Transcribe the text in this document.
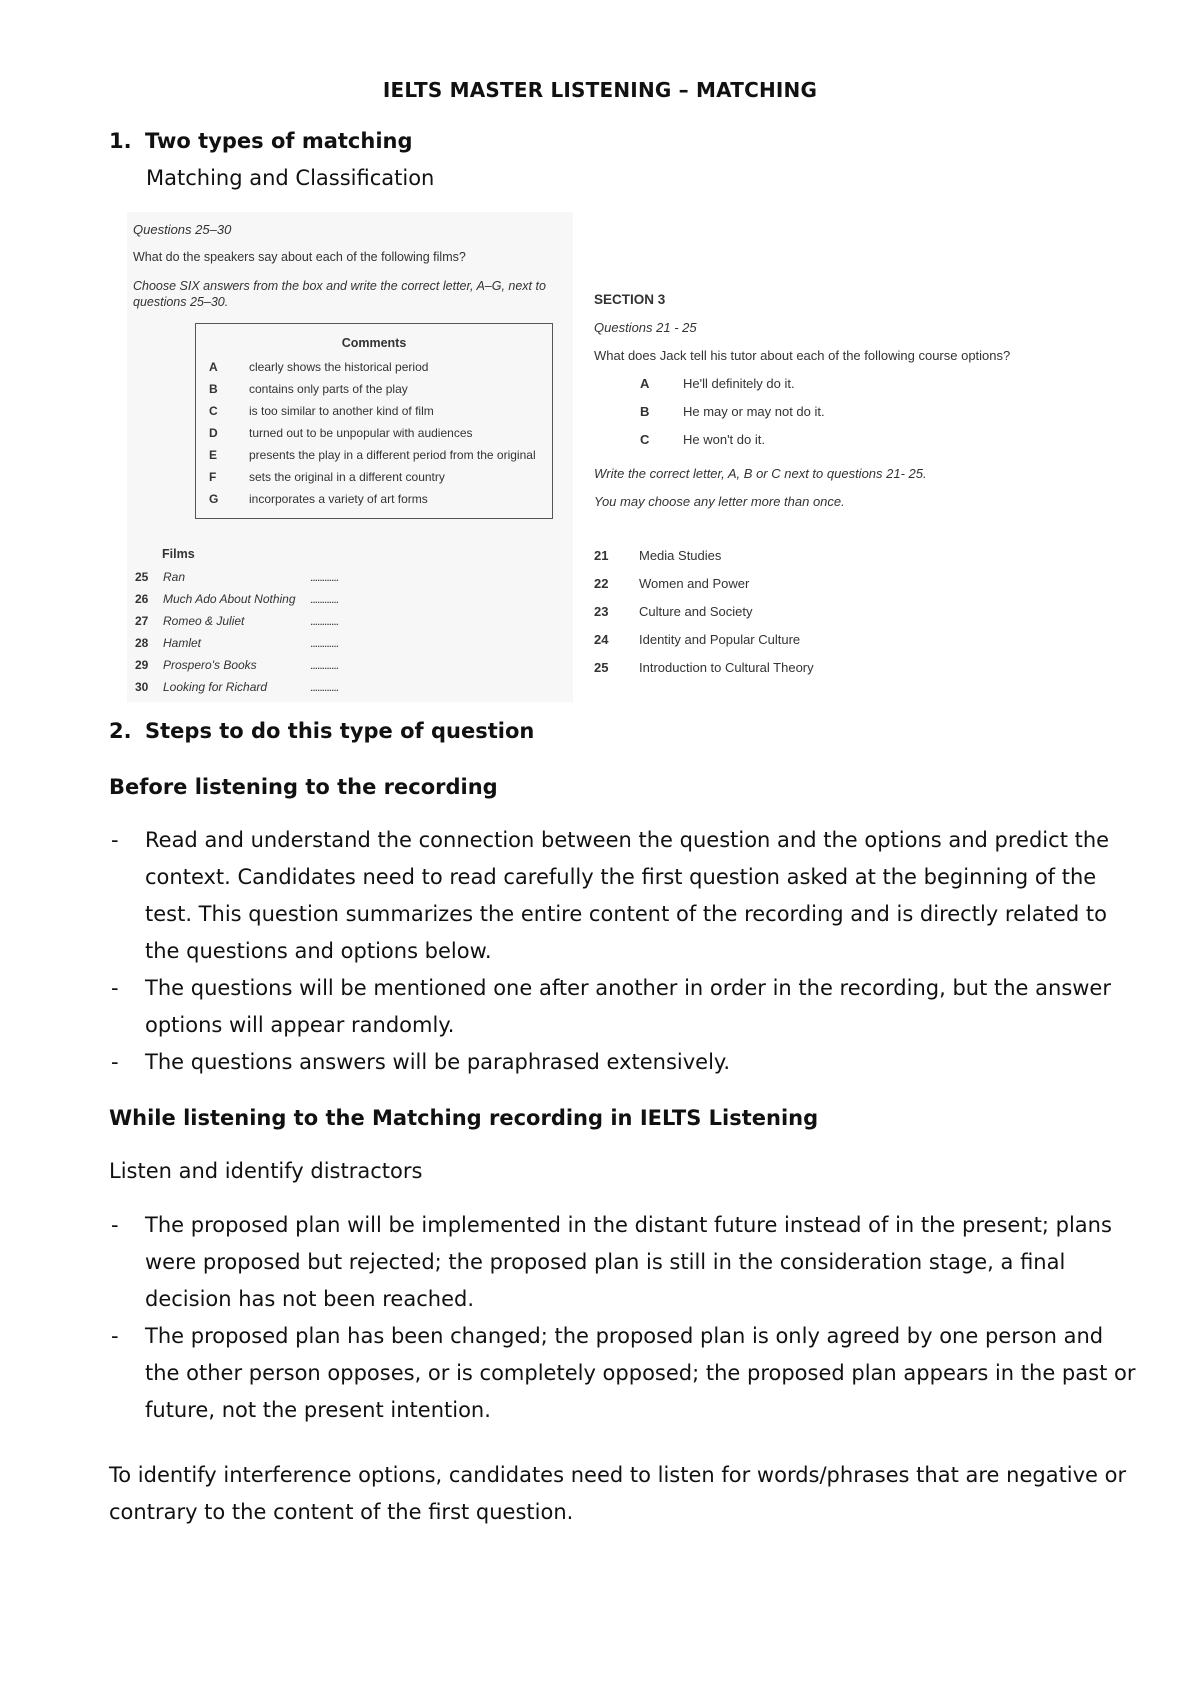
IELTS MASTER LISTENING – MATCHING
1. Two types of matching
Matching and Classification
Questions 25–30
What do the speakers say about each of the following films?
Choose SIX answers from the box and write the correct letter, A–G, next to
questions 25–30.
Comments
A	clearly shows the historical period
B	contains only parts of the play
C	is too similar to another kind of film
D	turned out to be unpopular with audiences
E	presents the play in a different period from the original
F	sets the original in a different country
G	incorporates a variety of art forms
Films
25 Ran	............
26 Much Ado About Nothing ............
27 Romeo & Juliet	............
28 Hamlet	............
29 Prospero's Books	............
30 Looking for Richard	............
SECTION 3
Questions 21 - 25
What does Jack tell his tutor about each of the following course options?
A	He'll definitely do it.
B	He may or may not do it.
C	He won't do it.
Write the correct letter, A, B or C next to questions 21- 25.
You may choose any letter more than once.
21 Media Studies
22 Women and Power
23 Culture and Society
24 Identity and Popular Culture
25 Introduction to Cultural Theory
2. Steps to do this type of question
Before listening to the recording
- Read and understand the connection between the question and the options and predict the context. Candidates need to read carefully the first question asked at the beginning of the test. This question summarizes the entire content of the recording and is directly related to the questions and options below.
- The questions will be mentioned one after another in order in the recording, but the answer options will appear randomly.
- The questions answers will be paraphrased extensively.
While listening to the Matching recording in IELTS Listening
Listen and identify distractors
- The proposed plan will be implemented in the distant future instead of in the present; plans were proposed but rejected; the proposed plan is still in the consideration stage, a final decision has not been reached.
- The proposed plan has been changed; the proposed plan is only agreed by one person and the other person opposes, or is completely opposed; the proposed plan appears in the past or future, not the present intention.
To identify interference options, candidates need to listen for words/phrases that are negative or contrary to the content of the first question.
